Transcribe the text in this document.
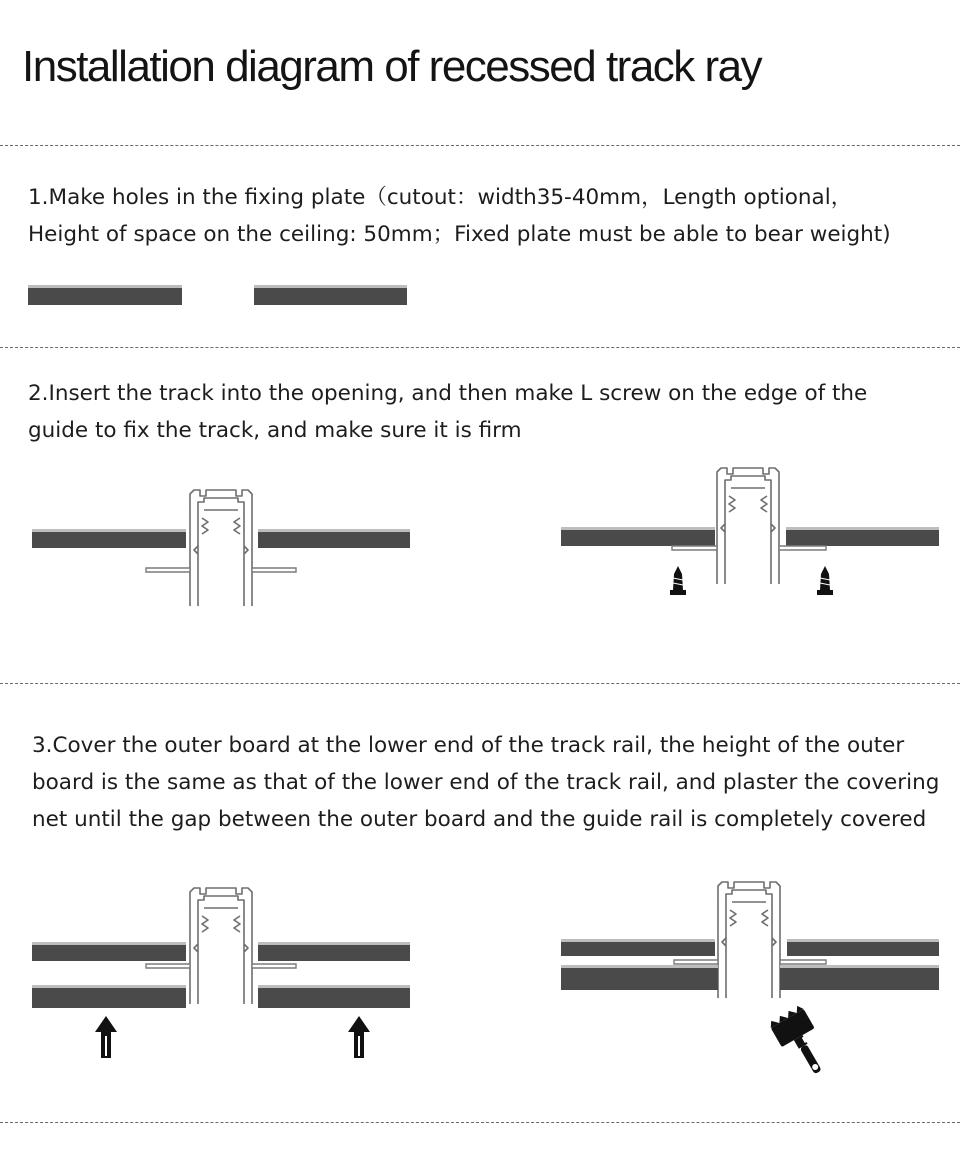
Installation diagram of recessed track ray
1.Make holes in the fixing plate（cutout：width35-40mm，Length optional，
Height of space on the ceiling: 50mm；Fixed plate must be able to bear weight)
2.Insert the track into the opening, and then make L screw on the edge of the
guide to fix the track, and make sure it is firm
3.Cover the outer board at the lower end of the track rail, the height of the outer
board is the same as that of the lower end of the track rail, and plaster the covering
net until the gap between the outer board and the guide rail is completely covered
